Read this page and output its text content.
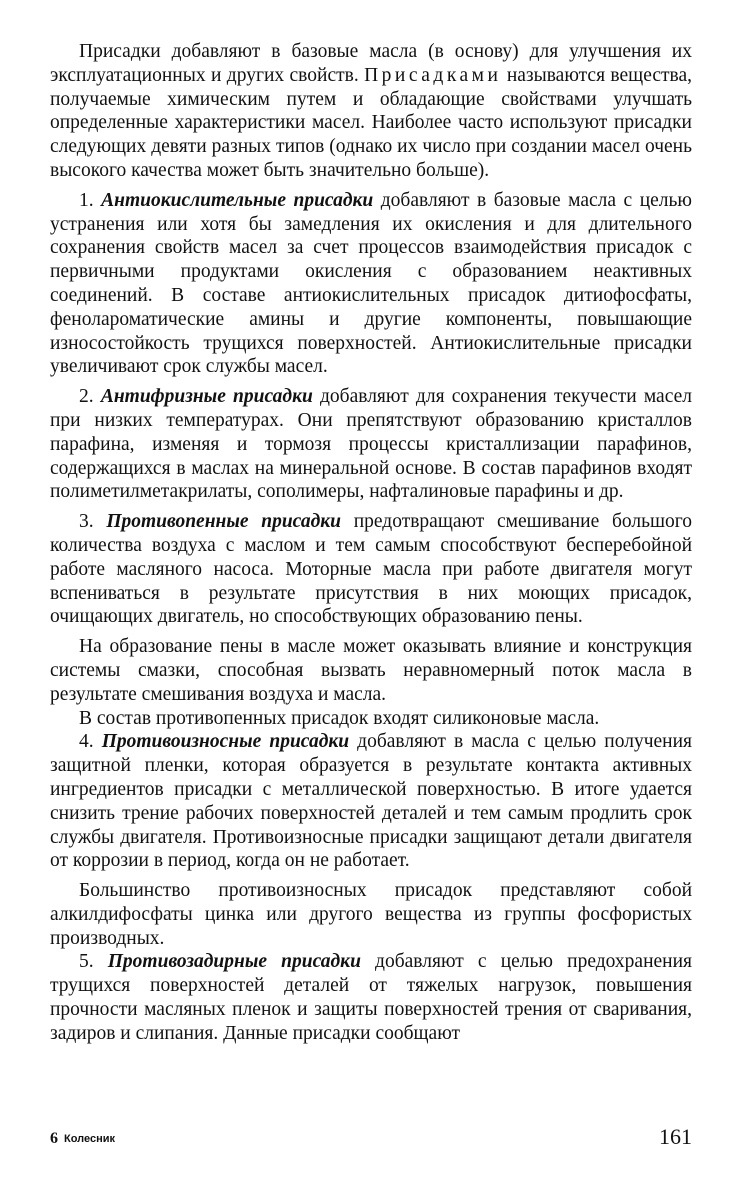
Присадки добавляют в базовые масла (в основу) для улучшения их эксплуатационных и других свойств. Присадками называются вещества, получаемые химическим путем и обладающие свойствами улучшать определенные характеристики масел. Наиболее часто используют присадки следующих девяти разных типов (однако их число при создании масел очень высокого качества может быть значительно больше).

1. Антиокислительные присадки добавляют в базовые масла с целью устранения или хотя бы замедления их окисления и для длительного сохранения свойств масел за счет процессов взаимодействия присадок с первичными продуктами окисления с образованием неактивных соединений. В составе антиокислительных присадок дитиофосфаты, фенолароматические амины и другие компоненты, повышающие износостойкость трущихся поверхностей. Антиокислительные присадки увеличивают срок службы масел.

2. Антифризные присадки добавляют для сохранения текучести масел при низких температурах. Они препятствуют образованию кристаллов парафина, изменяя и тормозя процессы кристаллизации парафинов, содержащихся в маслах на минеральной основе. В состав парафинов входят полиметилметакрилаты, сополимеры, нафталиновые парафины и др.

3. Противопенные присадки предотвращают смешивание большого количества воздуха с маслом и тем самым способствуют бесперебойной работе масляного насоса. Моторные масла при работе двигателя могут вспениваться в результате присутствия в них моющих присадок, очищающих двигатель, но способствующих образованию пены.

На образование пены в масле может оказывать влияние и конструкция системы смазки, способная вызвать неравномерный поток масла в результате смешивания воздуха и масла.

В состав противопенных присадок входят силиконовые масла.

4. Противоизносные присадки добавляют в масла с целью получения защитной пленки, которая образуется в результате контакта активных ингредиентов присадки с металлической поверхностью. В итоге удается снизить трение рабочих поверхностей деталей и тем самым продлить срок службы двигателя. Противоизносные присадки защищают детали двигателя от коррозии в период, когда он не работает.

Большинство противоизносных присадок представляют собой алкилдифосфаты цинка или другого вещества из группы фосфористых производных.

5. Противозадирные присадки добавляют с целью предохранения трущихся поверхностей деталей от тяжелых нагрузок, повышения прочности масляных пленок и защиты поверхностей трения от сваривания, задиров и слипания. Данные присадки сообщают

6 Колесник	161
